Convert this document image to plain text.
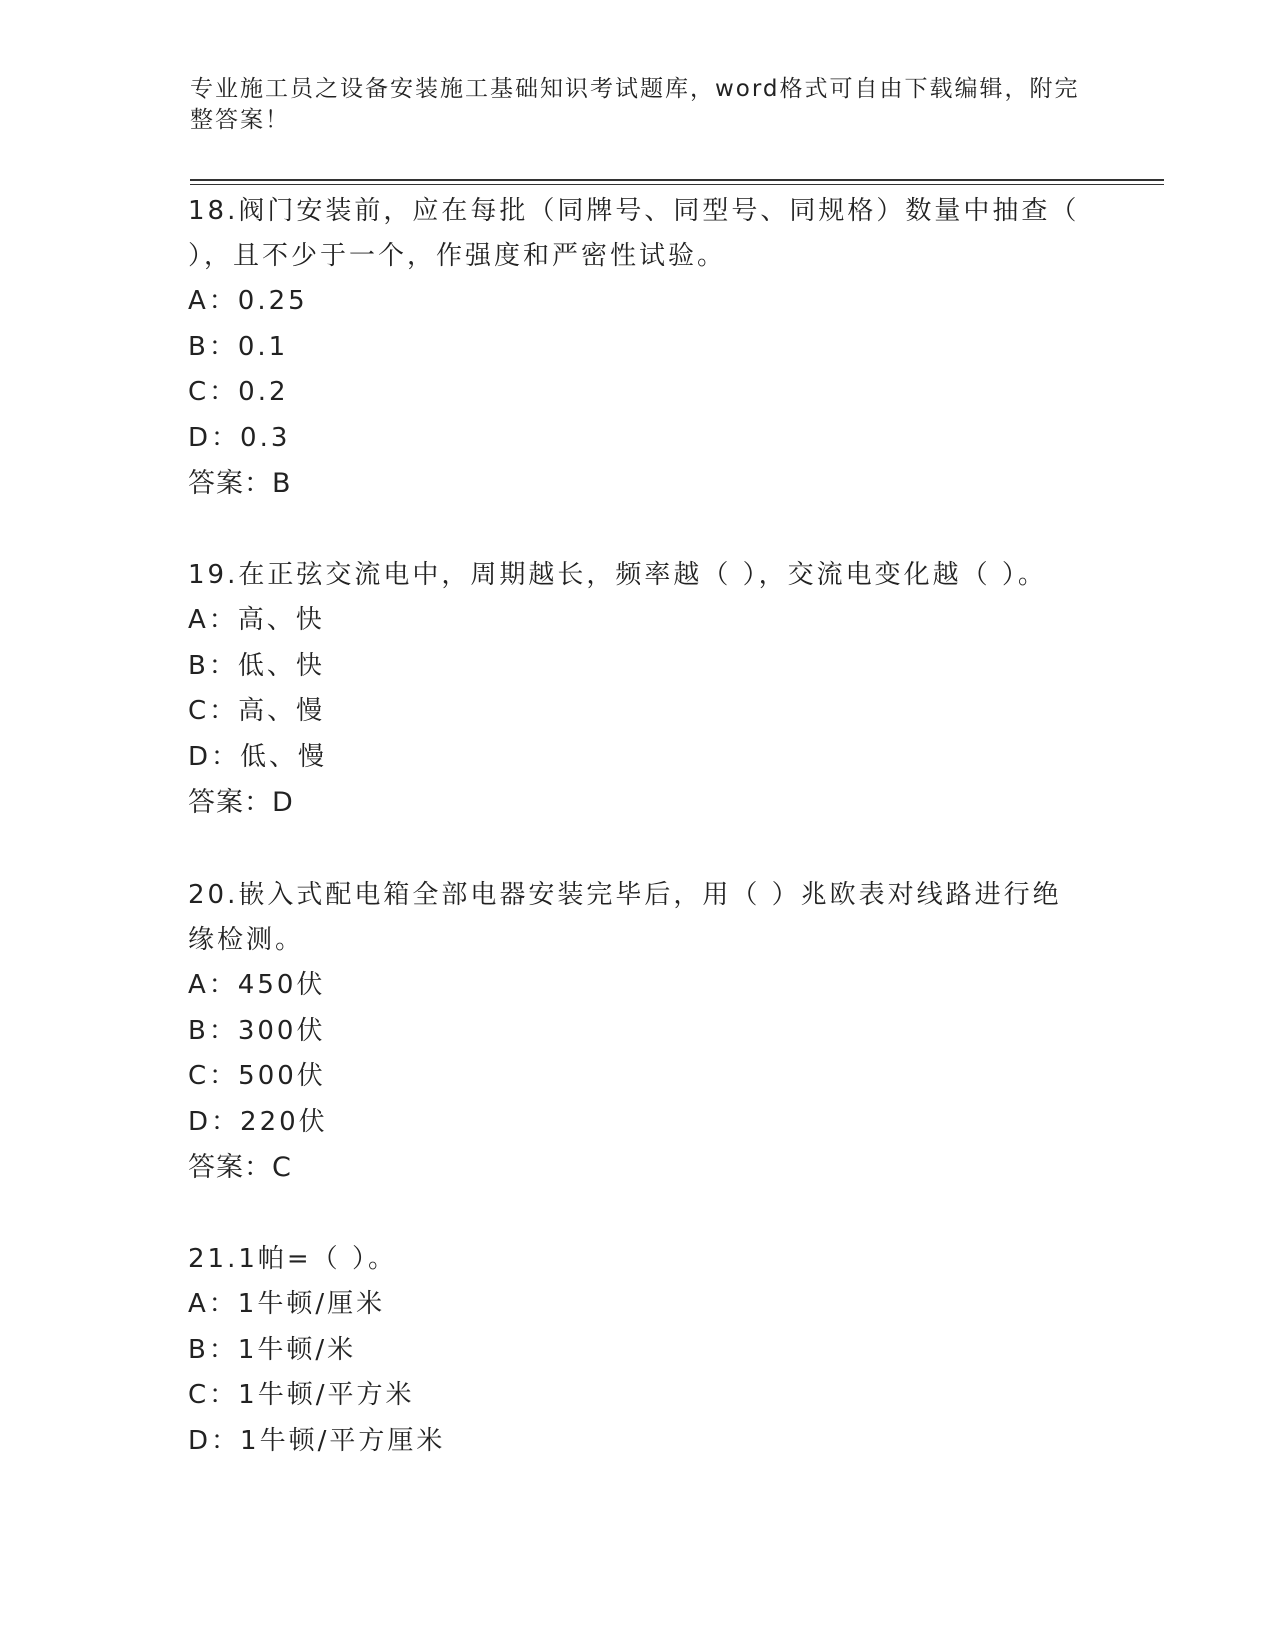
专业施工员之设备安装施工基础知识考试题库，word格式可自由下载编辑，附完整答案！
18.阀门安装前，应在每批（同牌号、同型号、同规格）数量中抽查（ ），且不少于一个，作强度和严密性试验。
A：0.25
B：0.1
C：0.2
D：0.3
答案：B
19.在正弦交流电中，周期越长，频率越（ ），交流电变化越（ ）。
A：高、快
B：低、快
C：高、慢
D：低、慢
答案：D
20.嵌入式配电箱全部电器安装完毕后，用（ ）兆欧表对线路进行绝缘检测。
A：450伏
B：300伏
C：500伏
D：220伏
答案：C
21.1帕=（ ）。
A：1牛顿/厘米
B：1牛顿/米
C：1牛顿/平方米
D：1牛顿/平方厘米
